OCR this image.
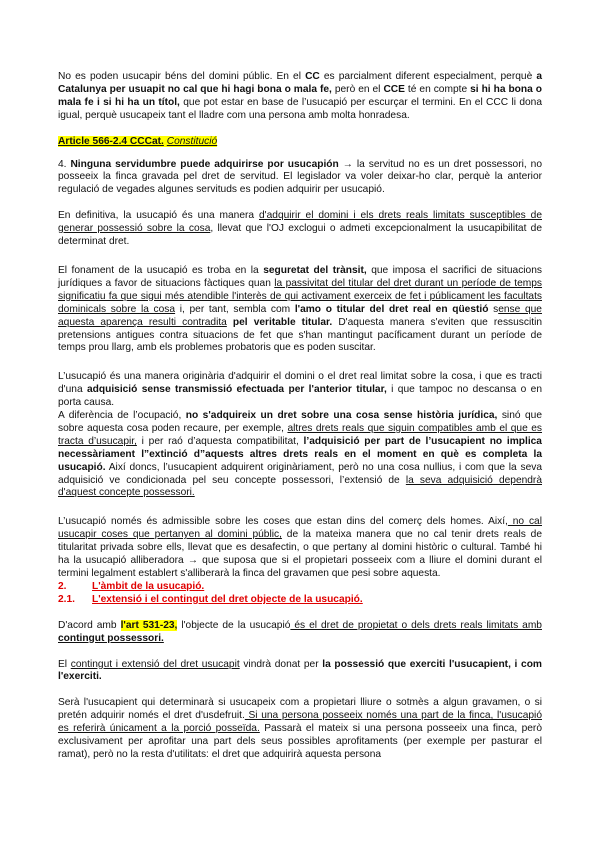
No es poden usucapir béns del domini públic. En el CC es parcialment diferent especialment, perquè a Catalunya per usuapit no cal que hi hagi bona o mala fe, però en el CCE té en compte si hi ha bona o mala fe i si hi ha un títol, que pot estar en base de l’usucapió per escurçar el termini. En el CCC li dona igual, perquè usucapeix tant el lladre com una persona amb molta honradesa.

Article 566-2.4 CCCat. Constitució

4. Ninguna servidumbre puede adquirirse por usucapión → la servitud no es un dret possessori, no posseeix la finca gravada pel dret de servitud. El legislador va voler deixar-ho clar, perquè la anterior regulació de vegades algunes servituds es podien adquirir per usucapió.

En definitiva, la usucapió és una manera d'adquirir el domini i els drets reals limitats susceptibles de generar possessió sobre la cosa, llevat que l'OJ exclogui o admeti excepcionalment la usucapibilitat de determinat dret.

El fonament de la usucapió es troba en la seguretat del trànsit, que imposa el sacrifici de situacions jurídiques a favor de situacions fàctiques quan la passivitat del titular del dret durant un període de temps significatiu fa que sigui més atendible l'interès de qui activament exerceix de fet i públicament les facultats dominicals sobre la cosa i, per tant, sembla com l'amo o titular del dret real en qüestió sense que aquesta aparença resulti contradita pel veritable titular. D'aquesta manera s'eviten que ressuscitin pretensions antigues contra situacions de fet que s'han mantingut pacíficament durant un període de temps prou llarg, amb els problemes probatoris que es poden suscitar.

L’usucapió és una manera originària d'adquirir el domini o el dret real limitat sobre la cosa, i que es tracti d'una adquisició sense transmissió efectuada per l'anterior titular, i que tampoc no descansa o en porta causa.

A diferència de l’ocupació, no s'adquireix un dret sobre una cosa sense història jurídica, sinó que sobre aquesta cosa poden recaure, per exemple, altres drets reals que siguin compatibles amb el que es tracta d’usucapir, i per raó d’aquesta compatibilitat, l’adquisició per part de l’usucapient no implica necessàriament l”extinció d”aquests altres drets reals en el moment en què es completa la usucapió. Així doncs, l’usucapient adquirent originàriament, però no una cosa nullius, i com que la seva adquisició ve condicionada pel seu concepte possessori, l’extensió de la seva adquisició dependrà d'aquest concepte possessori.

L’usucapió només és admissible sobre les coses que estan dins del comerç dels homes. Així, no cal usucapir coses que pertanyen al domini públic, de la mateixa manera que no cal tenir drets reals de titularitat privada sobre ells, llevat que es desafectin, o que pertany al domini històric o cultural. També hi ha la usucapió alliberadora → que suposa que si el propietari posseeix com a lliure el domini durant el termini legalment establert s'alliberarà la finca del gravamen que pesi sobre aquesta.

2.	L'àmbit de la usucapió.

2.1. L'extensió i el contingut del dret objecte de la usucapió.

D'acord amb l'art 531-23, l'objecte de la usucapió és el dret de propietat o dels drets reals limitats amb contingut possessori.

El contingut i extensió del dret usucapit vindrà donat per la possessió que exerciti l'usucapient, i com l'exerciti.

Serà l'usucapient qui determinarà si usucapeix com a propietari lliure o sotmès a algun gravamen, o si pretén adquirir només el dret d'usdefruit. Si una persona posseeix només una part de la finca, l'usucapió es referirà únicament a la porció posseïda. Passarà el mateix si una persona posseeix una finca, però exclusivament per aprofitar una part dels seus possibles aprofitaments (per exemple per pasturar el ramat), però no la resta d'utilitats: el dret que adquirirà aquesta persona
